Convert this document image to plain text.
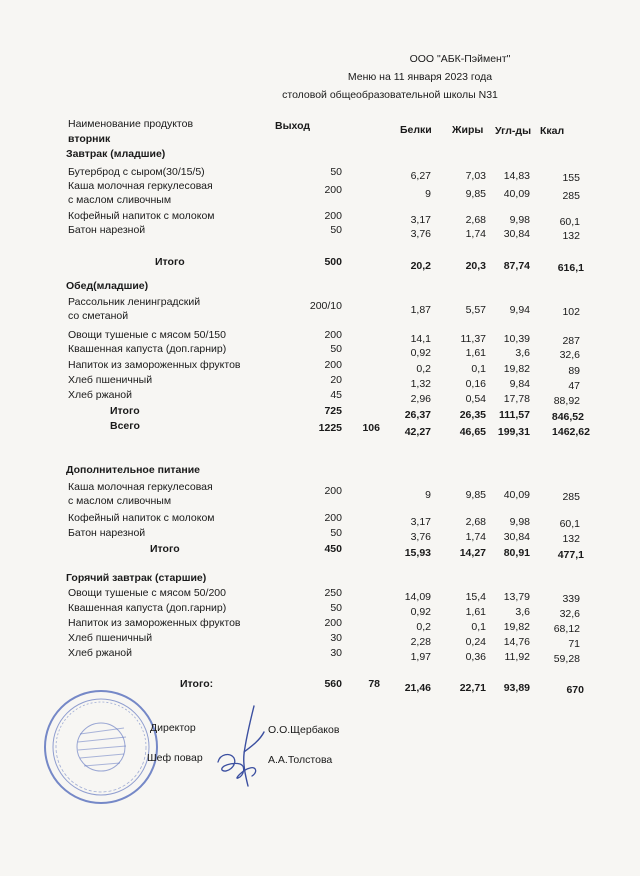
ООО "АБК-Пэймент"
Меню на 11 января 2023 года
столовой общеобразовательной школы N31
Наименование продуктов	Выход	Белки Жиры Угл-ды Ккал
вторник
Завтрак (младшие)
Бутерброд с сыром(30/15/5)	50	6,27	7,03	14,83	155
Каша молочная геркулесовая
с маслом сливочным
200	9	9,85	40,09	285
Кофейный напиток с молоком	200	3,17	2,68	9,98	60,1
Батон нарезной	50	3,76	1,74	30,84	132
Итого	500	20,2	20,3	87,74	616,1
Обед(младшие)
Рассольник ленинградский
со сметаной
200/10	1,87	5,57	9,94	102
Овощи тушеные с мясом 50/150	200	14,1	11,37	10,39	287
Квашенная капуста (доп.гарнир)	50	0,92	1,61	3,6	32,6
Напиток из замороженных фруктов	200	0,2	0,1	19,82	89
Хлеб пшеничный	20	1,32	0,16	9,84	47
Хлеб ржаной	45	2,96	0,54	17,78	88,92
Итого	725	26,37	26,35	111,57	846,52
Всего	1225	106	42,27	46,65	199,31	1462,62
Дополнительное питание
Каша молочная геркулесовая
с маслом сливочным
200	9	9,85	40,09	285
Кофейный напиток с молоком	200	3,17	2,68	9,98	60,1
Батон нарезной	50	3,76	1,74	30,84	132
Итого	450	15,93	14,27	80,91	477,1
Горячий завтрак (старшие)
Овощи тушеные с мясом 50/200	250	14,09	15,4	13,79	339
Квашенная капуста (доп.гарнир)	50	0,92	1,61	3,6	32,6
Напиток из замороженных фруктов	200	0,2	0,1	19,82	68,12
Хлеб пшеничный	30	2,28	0,24	14,76	71
Хлеб ржаной	30	1,97	0,36	11,92	59,28
Итого:	560	78	21,46	22,71	93,89	670
Директор	О.О.Щербаков
Шеф повар	А.А.Толстова
